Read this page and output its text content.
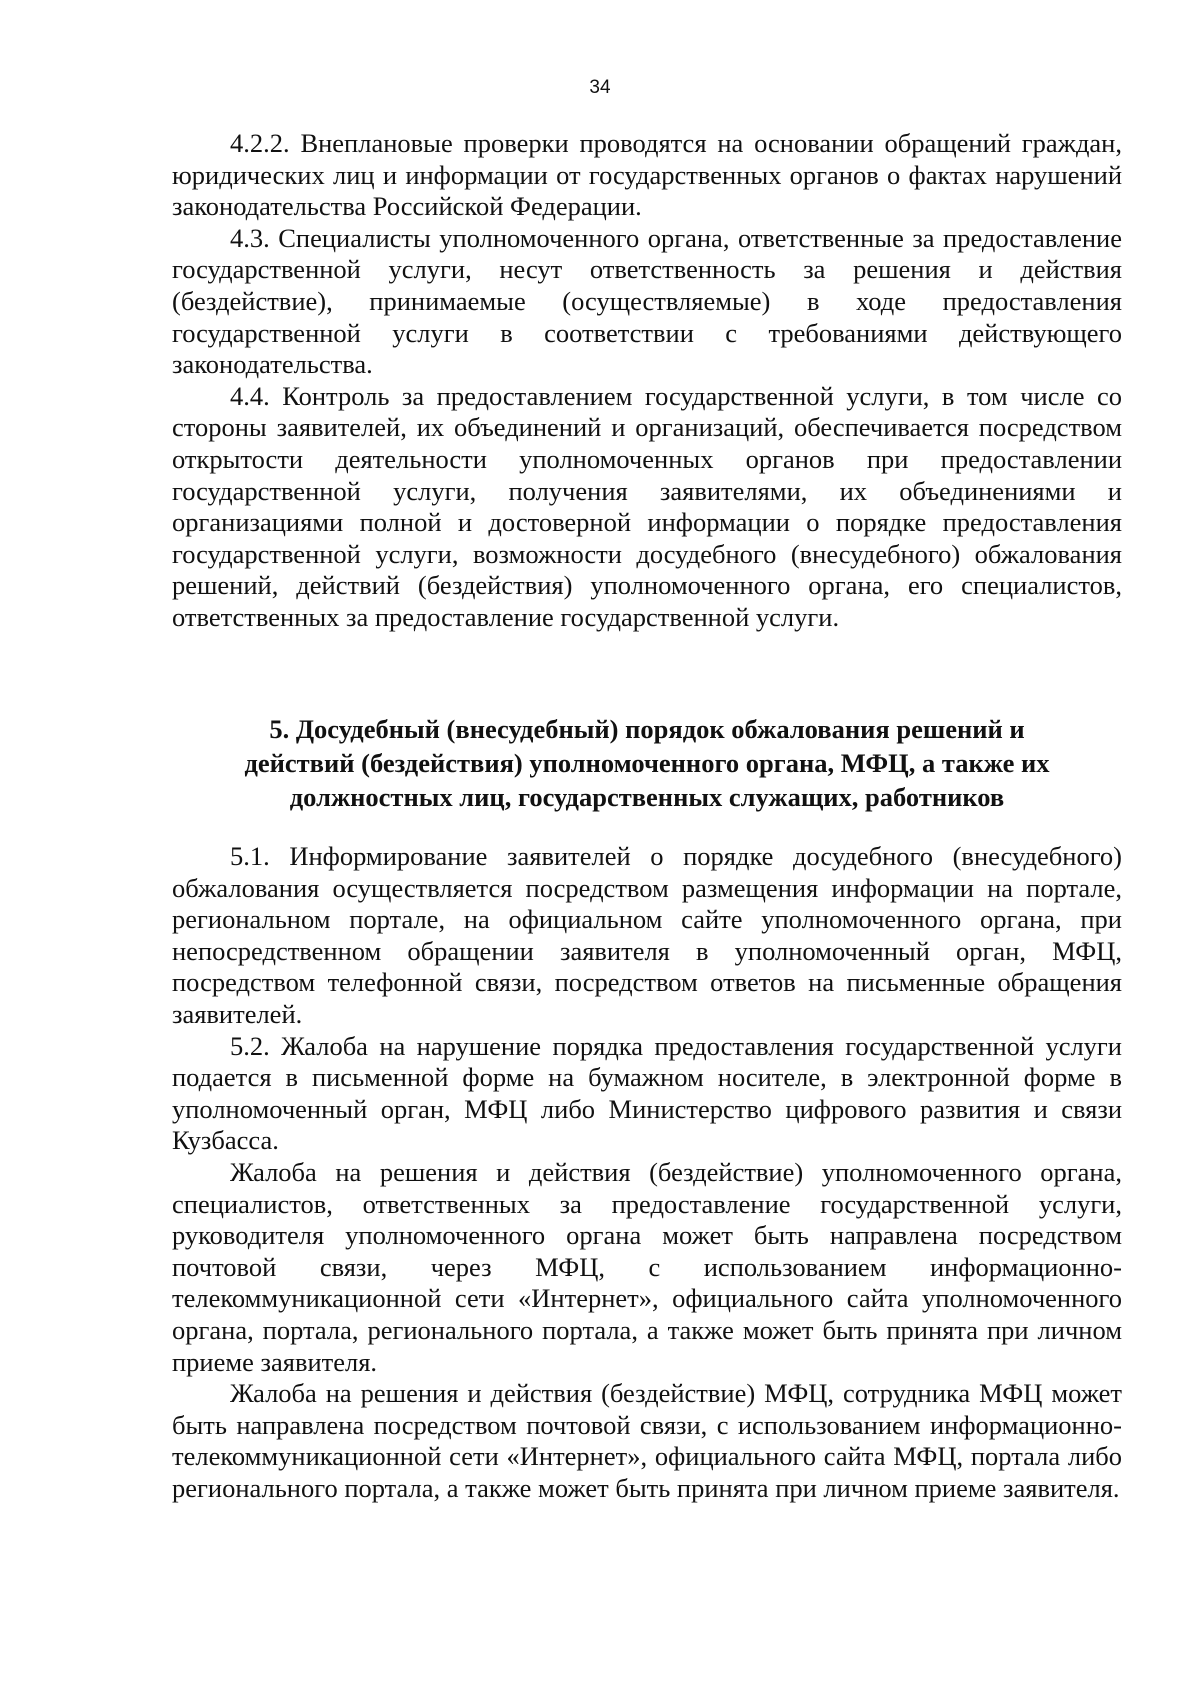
34

4.2.2. Внеплановые проверки проводятся на основании обращений граждан, юридических лиц и информации от государственных органов о фактах нарушений законодательства Российской Федерации.

4.3. Специалисты уполномоченного органа, ответственные за предоставление государственной услуги, несут ответственность за решения и действия (бездействие), принимаемые (осуществляемые) в ходе предоставления государственной услуги в соответствии с требованиями действующего законодательства.

4.4. Контроль за предоставлением государственной услуги, в том числе со стороны заявителей, их объединений и организаций, обеспечивается посредством открытости деятельности уполномоченных органов при предоставлении государственной услуги, получения заявителями, их объединениями и организациями полной и достоверной информации о порядке предоставления государственной услуги, возможности досудебного (внесудебного) обжалования решений, действий (бездействия) уполномоченного органа, его специалистов, ответственных за предоставление государственной услуги.

5. Досудебный (внесудебный) порядок обжалования решений и
действий (бездействия) уполномоченного органа, МФЦ, а также их
должностных лиц, государственных служащих, работников

5.1. Информирование заявителей о порядке досудебного (внесудебного) обжалования осуществляется посредством размещения информации на портале, региональном портале, на официальном сайте уполномоченного органа, при непосредственном обращении заявителя в уполномоченный орган, МФЦ, посредством телефонной связи, посредством ответов на письменные обращения заявителей.

5.2. Жалоба на нарушение порядка предоставления государственной услуги подается в письменной форме на бумажном носителе, в электронной форме в уполномоченный орган, МФЦ либо Министерство цифрового развития и связи Кузбасса.

Жалоба на решения и действия (бездействие) уполномоченного органа, специалистов, ответственных за предоставление государственной услуги, руководителя уполномоченного органа может быть направлена посредством почтовой связи, через МФЦ, с использованием информационно-телекоммуникационной сети «Интернет», официального сайта уполномоченного органа, портала, регионального портала, а также может быть принята при личном приеме заявителя.

Жалоба на решения и действия (бездействие) МФЦ, сотрудника МФЦ может быть направлена посредством почтовой связи, с использованием информационно-телекоммуникационной сети «Интернет», официального сайта МФЦ, портала либо регионального портала, а также может быть принята при личном приеме заявителя.
